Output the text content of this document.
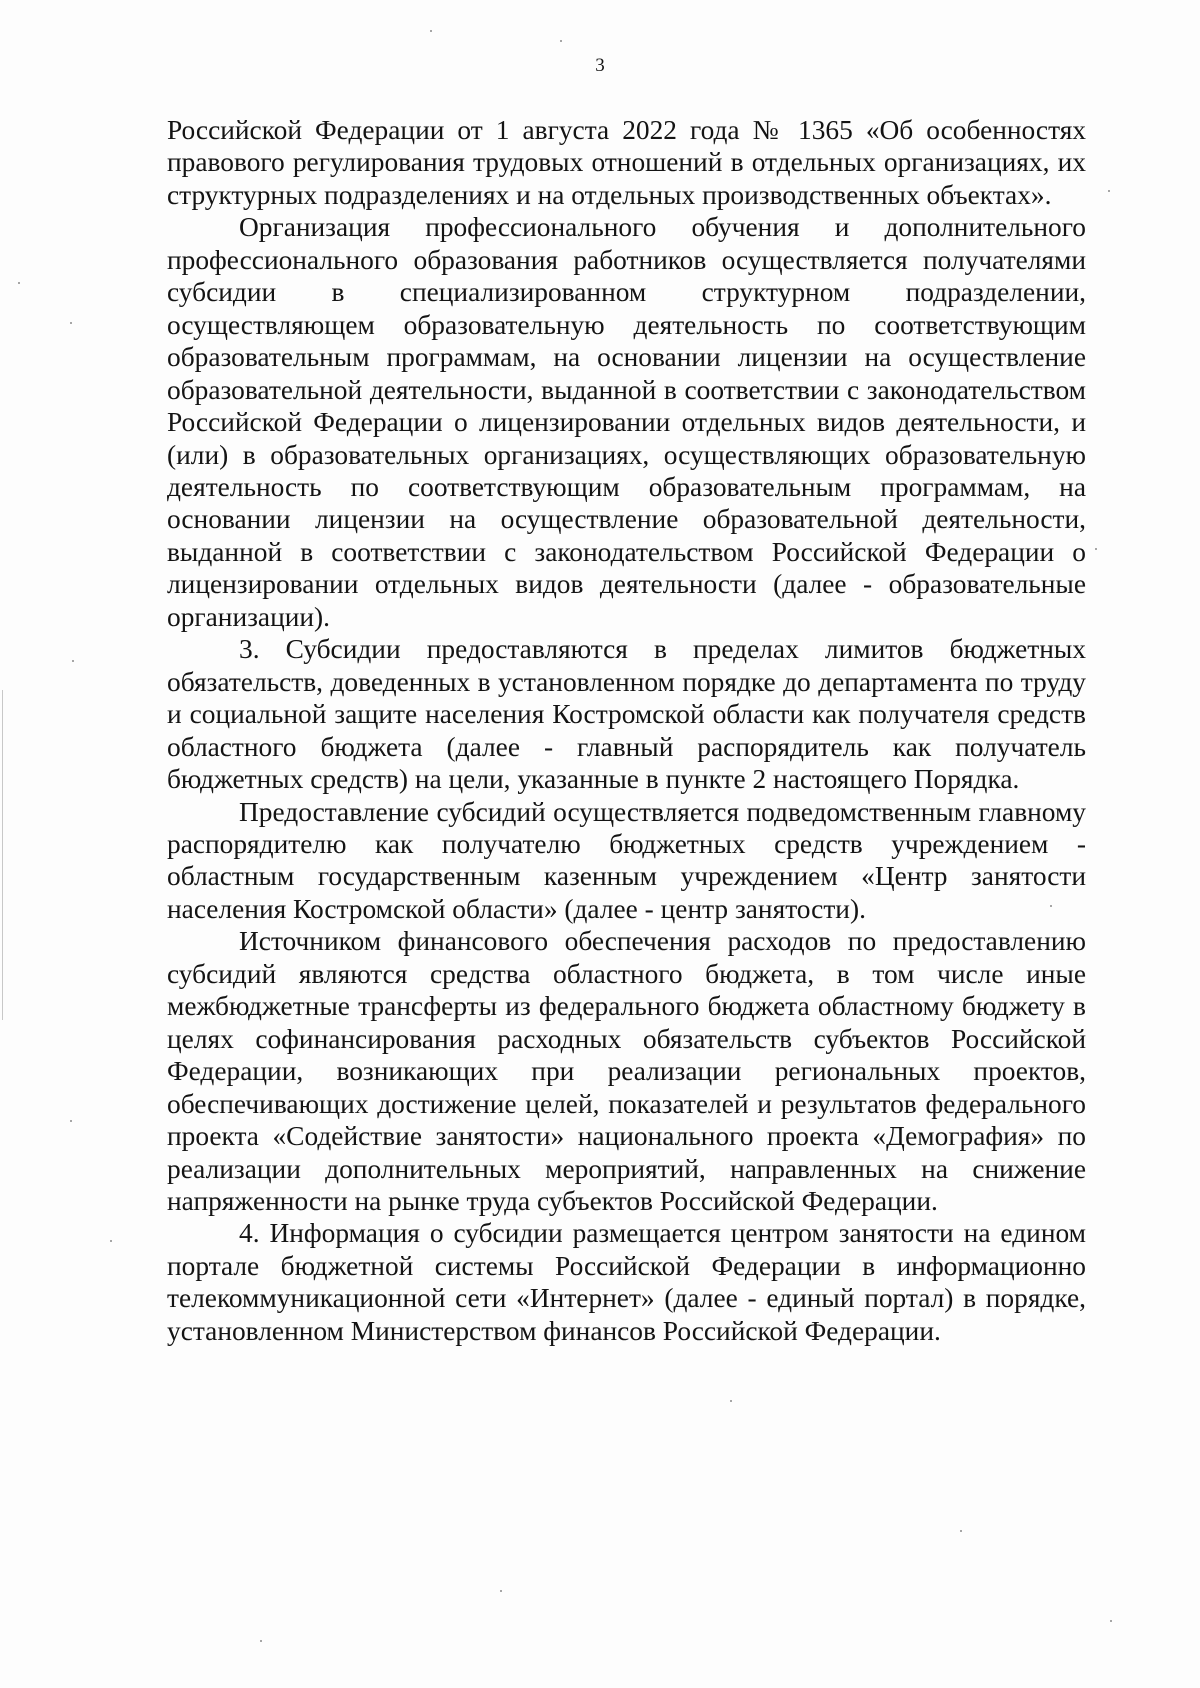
3

Российской Федерации от 1 августа 2022 года № 1365 «Об особенностях правового регулирования трудовых отношений в отдельных организациях, их структурных подразделениях и на отдельных производственных объектах».

Организация профессионального обучения и дополнительного профессионального образования работников осуществляется получателями субсидии в специализированном структурном подразделении, осуществляющем образовательную деятельность по соответствующим образовательным программам, на основании лицензии на осуществление образовательной деятельности, выданной в соответствии с законодательством Российской Федерации о лицензировании отдельных видов деятельности, и (или) в образовательных организациях, осуществляющих образовательную деятельность по соответствующим образовательным программам, на основании лицензии на осуществление образовательной деятельности, выданной в соответствии с законодательством Российской Федерации о лицензировании отдельных видов деятельности (далее - образовательные организации).

3. Субсидии предоставляются в пределах лимитов бюджетных обязательств, доведенных в установленном порядке до департамента по труду и социальной защите населения Костромской области как получателя средств областного бюджета (далее - главный распорядитель как получатель бюджетных средств) на цели, указанные в пункте 2 настоящего Порядка.

Предоставление субсидий осуществляется подведомственным главному распорядителю как получателю бюджетных средств учреждением - областным государственным казенным учреждением «Центр занятости населения Костромской области» (далее - центр занятости).

Источником финансового обеспечения расходов по предоставлению субсидий являются средства областного бюджета, в том числе иные межбюджетные трансферты из федерального бюджета областному бюджету в целях софинансирования расходных обязательств субъектов Российской Федерации, возникающих при реализации региональных проектов, обеспечивающих достижение целей, показателей и результатов федерального проекта «Содействие занятости» национального проекта «Демография» по реализации дополнительных мероприятий, направленных на снижение напряженности на рынке труда субъектов Российской Федерации.

4. Информация о субсидии размещается центром занятости на едином портале бюджетной системы Российской Федерации в информационно телекоммуникационной сети «Интернет» (далее - единый портал) в порядке, установленном Министерством финансов Российской Федерации.
